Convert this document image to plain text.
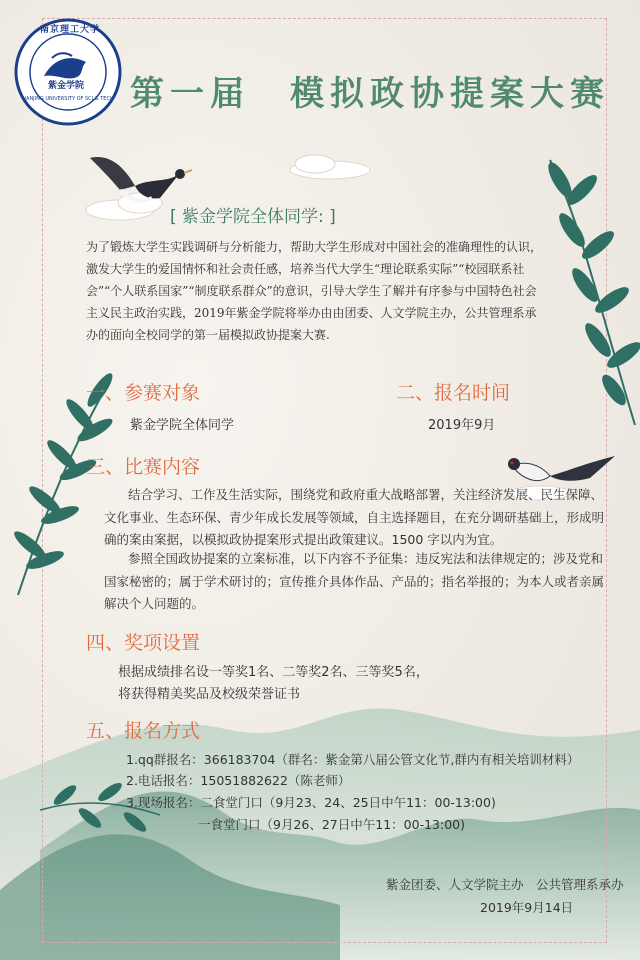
南京理工大学
紫金学院
NANJING UNIVERSITY OF SCI & TECH 第一届　模拟政协提案大赛
[ 紫金学院全体同学: ]
为了锻炼大学生实践调研与分析能力，帮助大学生形成对中国社会的准确理性的认识，激发大学生的爱国情怀和社会责任感，培养当代大学生“理论联系实际”“校园联系社会”“个人联系国家”“制度联系群众”的意识，引导大学生了解并有序参与中国特色社会主义民主政治实践，2019年紫金学院将举办由由团委、人文学院主办，公共管理系承办的面向全校同学的第一届模拟政协提案大赛.
一、参赛对象
紫金学院全体同学
二、报名时间
2019年9月
三、比赛内容
结合学习、工作及生活实际，围绕党和政府重大战略部署，关注经济发展、民生保障、文化事业、生态环保、青少年成长发展等领域，自主选择题目，在充分调研基础上，形成明确的案由案据，以模拟政协提案形式提出政策建议。1500 字以内为宜。
参照全国政协提案的立案标准，以下内容不予征集：违反宪法和法律规定的；涉及党和国家秘密的；属于学术研讨的；宣传推介具体作品、产品的；指名举报的；为本人或者亲属解决个人问题的。
四、奖项设置
根据成绩排名设一等奖1名、二等奖2名、三等奖5名，
将获得精美奖品及校级荣誉证书
五、报名方式
1.qq群报名：366183704（群名：紫金第八届公管文化节,群内有相关培训材料）
2.电话报名：15051882622（陈老师）
3.现场报名：二食堂门口（9月23、24、25日中午11：00-13:00)
一食堂门口（9月26、27日中午11：00-13:00)
紫金团委、人文学院主办　公共管理系承办
2019年9月14日
